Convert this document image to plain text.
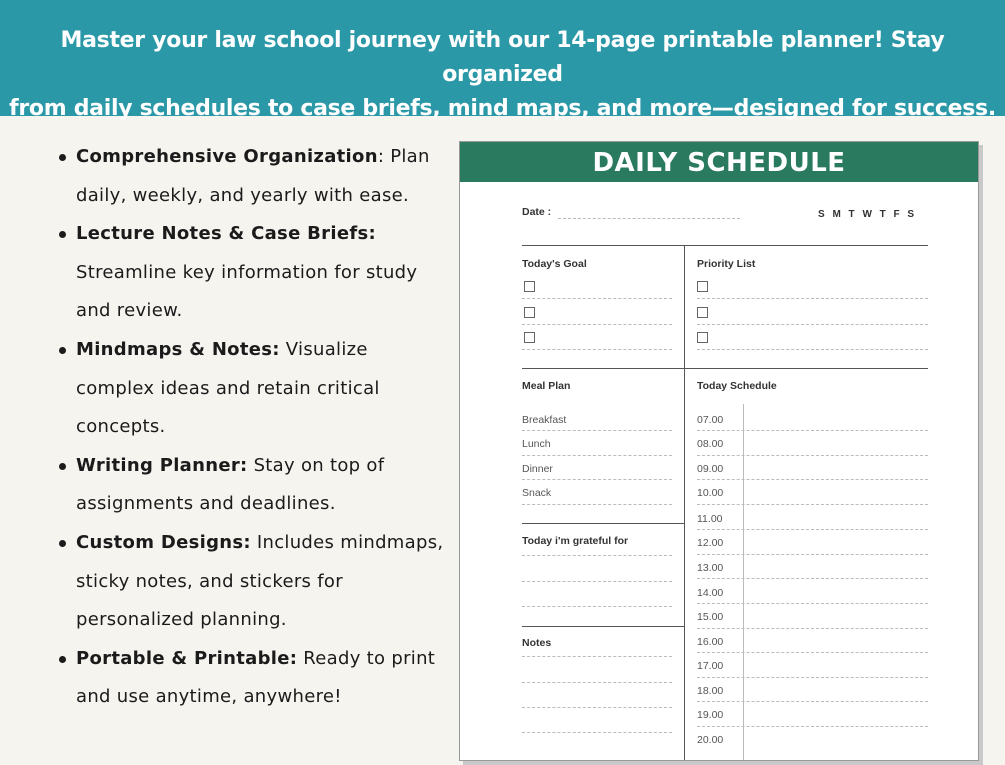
Master your law school journey with our 14-page printable planner! Stay organized
from daily schedules to case briefs, mind maps, and more—designed for success.
Comprehensive Organization: Plan daily, weekly, and yearly with ease.
Lecture Notes & Case Briefs: Streamline key information for study and review.
Mindmaps & Notes: Visualize complex ideas and retain critical concepts.
Writing Planner: Stay on top of assignments and deadlines.
Custom Designs: Includes mindmaps, sticky notes, and stickers for personalized planning.
Portable & Printable: Ready to print and use anytime, anywhere!
DAILY SCHEDULE
Date :	S M T W T F S
Today's Goal	Priority List
Meal Plan	Today Schedule
Breakfast
Lunch
Dinner
Snack
Today i'm grateful for
Notes
07.00
08.00
09.00
10.00
11.00
12.00
13.00
14.00
15.00
16.00
17.00
18.00
19.00
20.00
